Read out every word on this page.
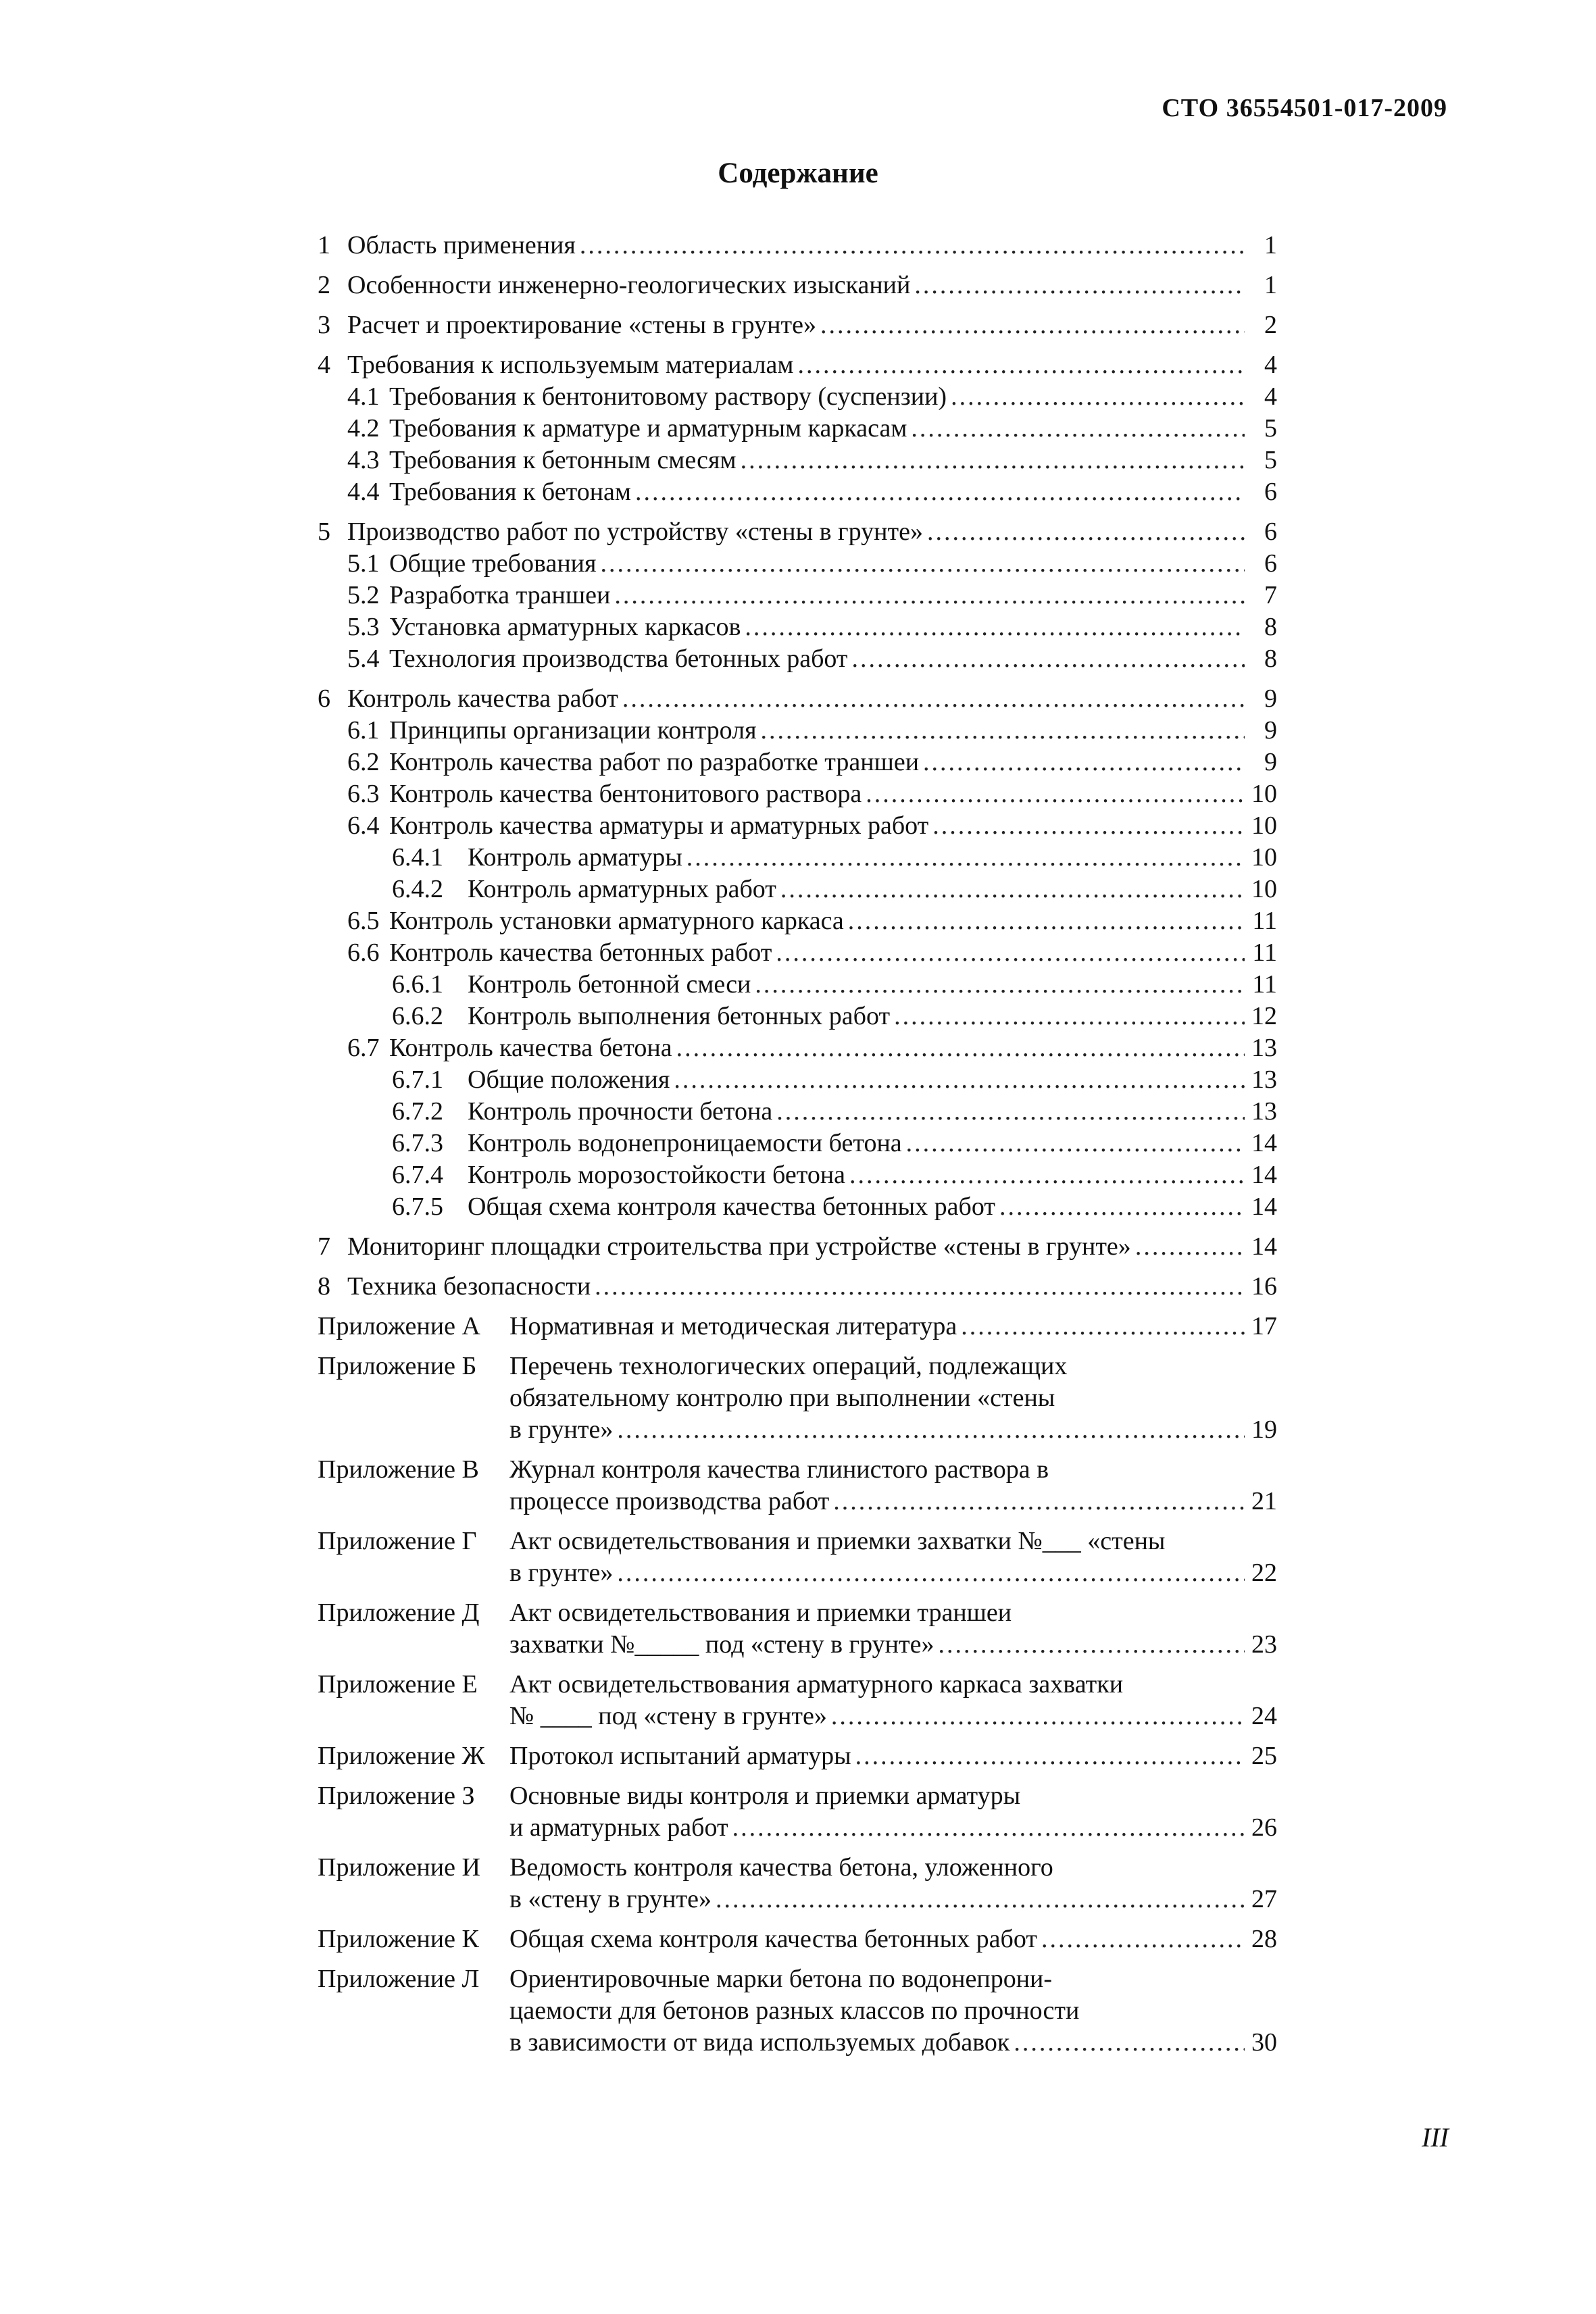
СТО 36554501-017-2009
Содержание
1 Область применения .....	1
2 Особенности инженерно-геологических изысканий .....	1
3 Расчет и проектирование «стены в грунте» .....	2
4 Требования к используемым материалам .....	4
4.1 Требования к бентонитовому раствору (суспензии) .....	4
4.2 Требования к арматуре и арматурным каркасам .....	5
4.3 Требования к бетонным смесям .....	5
4.4 Требования к бетонам .....	6
5 Производство работ по устройству «стены в грунте» .....	6
5.1 Общие требования .....	6
5.2 Разработка траншеи .....	7
5.3 Установка арматурных каркасов .....	8
5.4 Технология производства бетонных работ .....	8
6 Контроль качества работ .....	9
6.1 Принципы организации контроля .....	9
6.2 Контроль качества работ по разработке траншеи .....	9
6.3 Контроль качества бентонитового раствора .....	10
6.4 Контроль качества арматуры и арматурных работ .....	10
6.4.1 Контроль арматуры .....	10
6.4.2 Контроль арматурных работ .....	10
6.5 Контроль установки арматурного каркаса .....	11
6.6 Контроль качества бетонных работ .....	11
6.6.1 Контроль бетонной смеси .....	11
6.6.2 Контроль выполнения бетонных работ .....	12
6.7 Контроль качества бетона .....	13
6.7.1 Общие положения .....	13
6.7.2 Контроль прочности бетона .....	13
6.7.3 Контроль водонепроницаемости бетона .....	14
6.7.4 Контроль морозостойкости бетона .....	14
6.7.5 Общая схема контроля качества бетонных работ .....	14
7 Мониторинг площадки строительства при устройстве «стены в грунте» .....	14
8 Техника безопасности .....	16
Приложение А	Нормативная и методическая литература .....	17
Приложение Б	Перечень технологических операций, подлежащих
обязательному контролю при выполнении «стены
в грунте» .....	19
Приложение В	Журнал контроля качества глинистого раствора в
процессе производства работ .....	21
Приложение Г	Акт освидетельствования и приемки захватки №___ «стены
в грунте» .....	22
Приложение Д	Акт освидетельствования и приемки траншеи
захватки №_____ под «стену в грунте» .....	23
Приложение Е	Акт освидетельствования арматурного каркаса захватки
№ ____ под «стену в грунте» .....	24
Приложение Ж Протокол испытаний арматуры .....	25
Приложение З	Основные виды контроля и приемки арматуры
и арматурных работ .....	26
Приложение И	Ведомость контроля качества бетона, уложенного
в «стену в грунте» .....	27
Приложение К	Общая схема контроля качества бетонных работ .....	28
Приложение Л	Ориентировочные марки бетона по водонепрони-
цаемости для бетонов разных классов по прочности
в зависимости от вида используемых добавок .....	30
III
